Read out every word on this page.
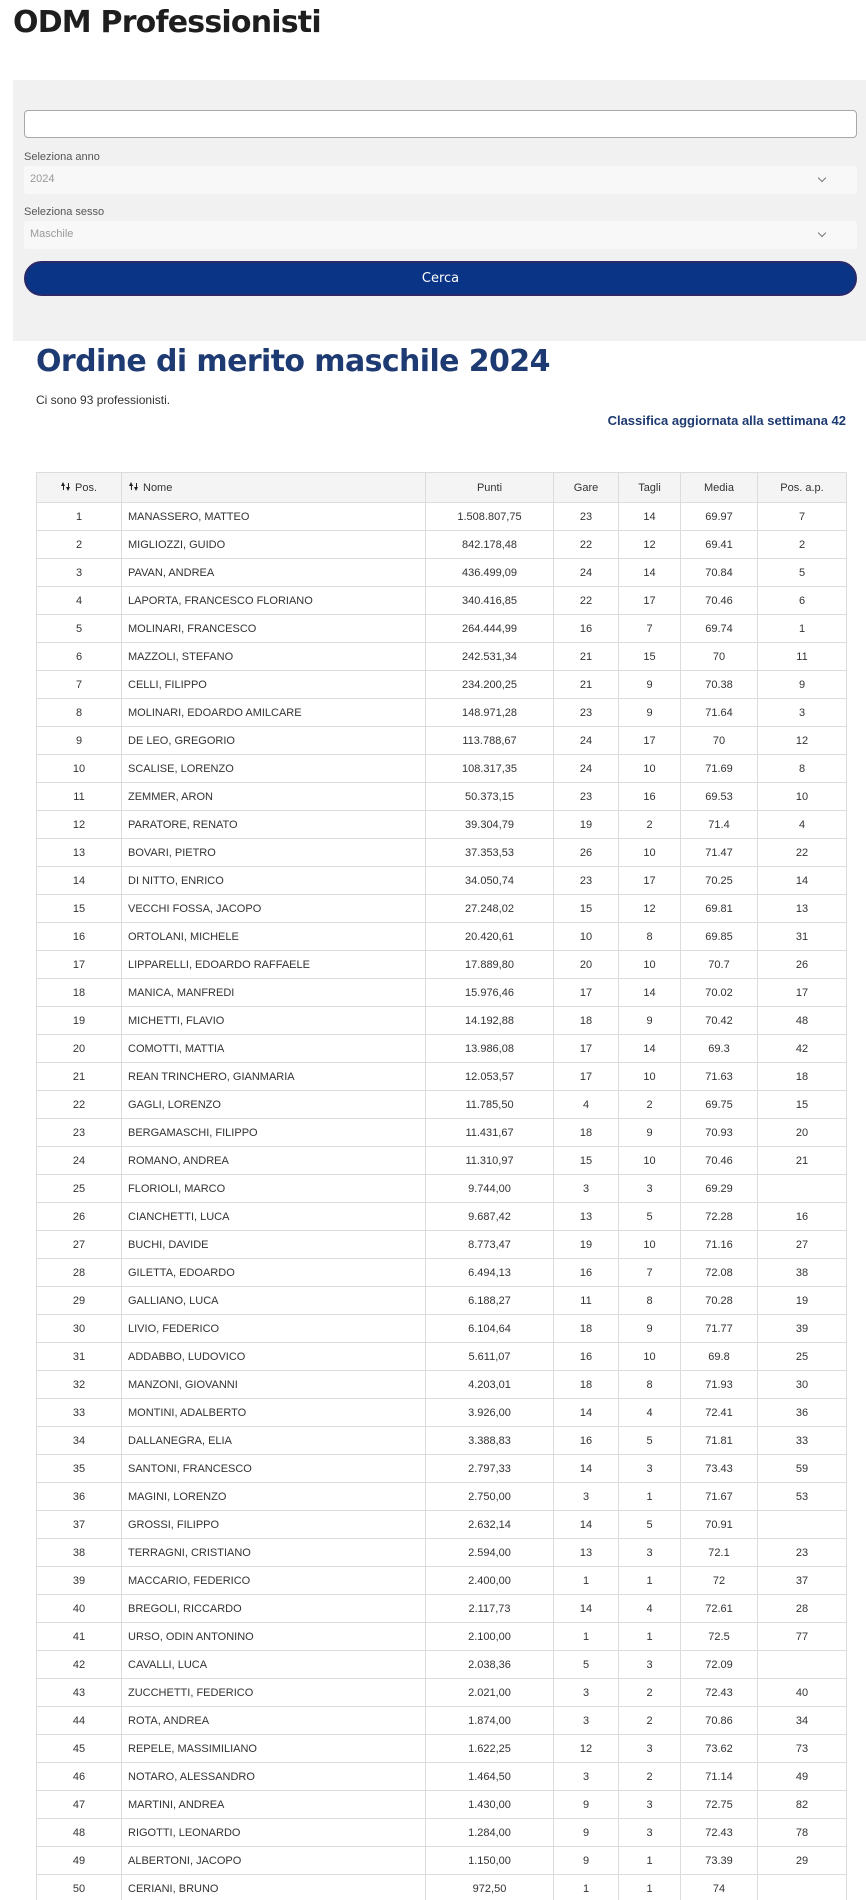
ODM Professionisti
Seleziona anno
2024
Seleziona sesso
Maschile
Cerca
Ordine di merito maschile 2024
Ci sono 93 professionisti.
Classifica aggiornata alla settimana 42
Pos.	Nome	Punti	Gare	Tagli	Media	Pos. a.p.
1	MANASSERO, MATTEO	1.508.807,75	23	14	69.97	7
2	MIGLIOZZI, GUIDO	842.178,48	22	12	69.41	2
3	PAVAN, ANDREA	436.499,09	24	14	70.84	5
4	LAPORTA, FRANCESCO FLORIANO	340.416,85	22	17	70.46	6
5	MOLINARI, FRANCESCO	264.444,99	16	7	69.74	1
6	MAZZOLI, STEFANO	242.531,34	21	15	70	11
7	CELLI, FILIPPO	234.200,25	21	9	70.38	9
8	MOLINARI, EDOARDO AMILCARE	148.971,28	23	9	71.64	3
9	DE LEO, GREGORIO	113.788,67	24	17	70	12
10	SCALISE, LORENZO	108.317,35	24	10	71.69	8
11	ZEMMER, ARON	50.373,15	23	16	69.53	10
12	PARATORE, RENATO	39.304,79	19	2	71.4	4
13	BOVARI, PIETRO	37.353,53	26	10	71.47	22
14	DI NITTO, ENRICO	34.050,74	23	17	70.25	14
15	VECCHI FOSSA, JACOPO	27.248,02	15	12	69.81	13
16	ORTOLANI, MICHELE	20.420,61	10	8	69.85	31
17	LIPPARELLI, EDOARDO RAFFAELE	17.889,80	20	10	70.7	26
18	MANICA, MANFREDI	15.976,46	17	14	70.02	17
19	MICHETTI, FLAVIO	14.192,88	18	9	70.42	48
20	COMOTTI, MATTIA	13.986,08	17	14	69.3	42
21	REAN TRINCHERO, GIANMARIA	12.053,57	17	10	71.63	18
22	GAGLI, LORENZO	11.785,50	4	2	69.75	15
23	BERGAMASCHI, FILIPPO	11.431,67	18	9	70.93	20
24	ROMANO, ANDREA	11.310,97	15	10	70.46	21
25	FLORIOLI, MARCO	9.744,00	3	3	69.29	
26	CIANCHETTI, LUCA	9.687,42	13	5	72.28	16
27	BUCHI, DAVIDE	8.773,47	19	10	71.16	27
28	GILETTA, EDOARDO	6.494,13	16	7	72.08	38
29	GALLIANO, LUCA	6.188,27	11	8	70.28	19
30	LIVIO, FEDERICO	6.104,64	18	9	71.77	39
31	ADDABBO, LUDOVICO	5.611,07	16	10	69.8	25
32	MANZONI, GIOVANNI	4.203,01	18	8	71.93	30
33	MONTINI, ADALBERTO	3.926,00	14	4	72.41	36
34	DALLANEGRA, ELIA	3.388,83	16	5	71.81	33
35	SANTONI, FRANCESCO	2.797,33	14	3	73.43	59
36	MAGINI, LORENZO	2.750,00	3	1	71.67	53
37	GROSSI, FILIPPO	2.632,14	14	5	70.91	
38	TERRAGNI, CRISTIANO	2.594,00	13	3	72.1	23
39	MACCARIO, FEDERICO	2.400,00	1	1	72	37
40	BREGOLI, RICCARDO	2.117,73	14	4	72.61	28
41	URSO, ODIN ANTONINO	2.100,00	1	1	72.5	77
42	CAVALLI, LUCA	2.038,36	5	3	72.09	
43	ZUCCHETTI, FEDERICO	2.021,00	3	2	72.43	40
44	ROTA, ANDREA	1.874,00	3	2	70.86	34
45	REPELE, MASSIMILIANO	1.622,25	12	3	73.62	73
46	NOTARO, ALESSANDRO	1.464,50	3	2	71.14	49
47	MARTINI, ANDREA	1.430,00	9	3	72.75	82
48	RIGOTTI, LEONARDO	1.284,00	9	3	72.43	78
49	ALBERTONI, JACOPO	1.150,00	9	1	73.39	29
50	CERIANI, BRUNO	972,50	1	1	74	
